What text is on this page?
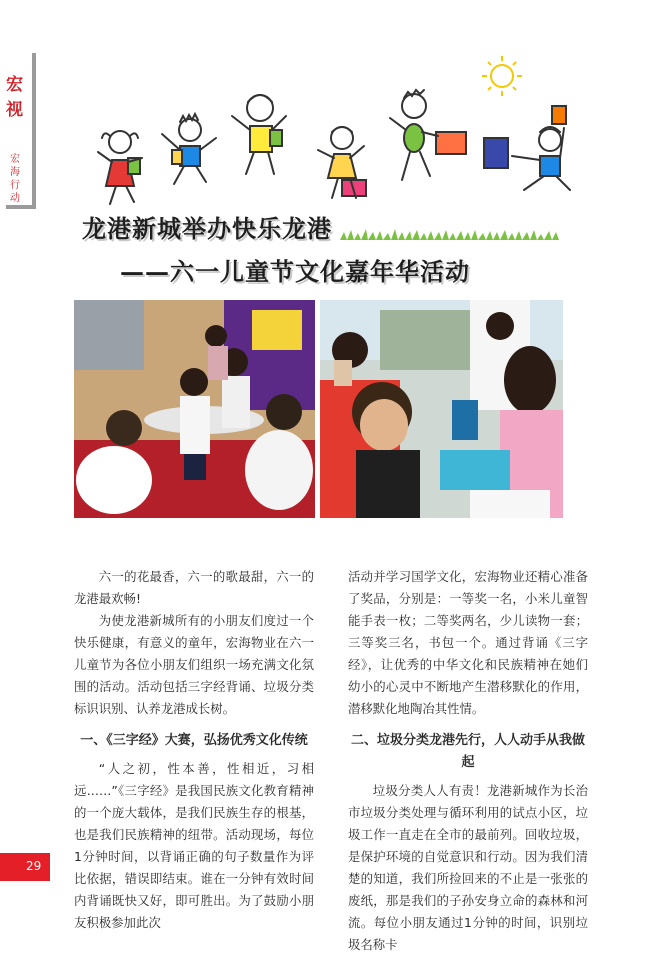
宏
视
宏
海
行
动
龙港新城举办快乐龙港
——六一儿童节文化嘉年华活动

六一的花最香，六一的歌最甜，六一的龙港最欢畅!

为使龙港新城所有的小朋友们度过一个快乐健康，有意义的童年，宏海物业在六一儿童节为各位小朋友们组织一场充满文化氛围的活动。活动包括三字经背诵、垃圾分类标识识别、认养龙港成长树。

一、《三字经》大赛，弘扬优秀文化传统

“人之初，性本善，性相近，习相远……”《三字经》是我国民族文化教育精神的一个庞大载体，是我们民族生存的根基，也是我们民族精神的纽带。活动现场，每位1分钟时间，以背诵正确的句子数量作为评比依据，错误即结束。谁在一分钟有效时间内背诵既快又好，即可胜出。为了鼓励小朋友积极参加此次

活动并学习国学文化，宏海物业还精心准备了奖品，分别是：一等奖一名，小米儿童智能手表一枚；二等奖两名，少儿读物一套；三等奖三名，书包一个。通过背诵《三字经》，让优秀的中华文化和民族精神在她们幼小的心灵中不断地产生潜移默化的作用，潜移默化地陶冶其性情。

二、垃圾分类龙港先行，人人动手从我做起

垃圾分类人人有责！龙港新城作为长治市垃圾分类处理与循环利用的试点小区，垃圾工作一直走在全市的最前列。回收垃圾，是保护环境的自觉意识和行动。因为我们清楚的知道，我们所捡回来的不止是一张张的废纸，那是我们的子孙安身立命的森林和河流。每位小朋友通过1分钟的时间，识别垃圾名称卡

29
